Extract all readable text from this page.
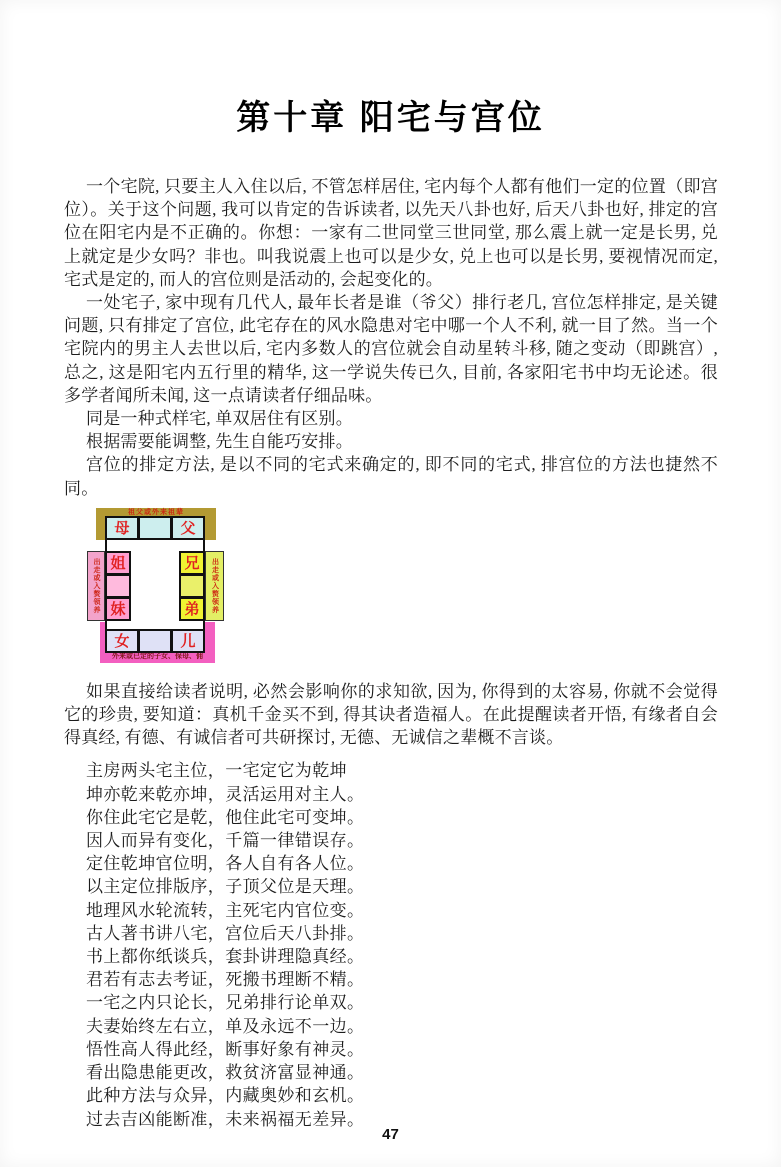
第十章 阳宅与宫位

一个宅院, 只要主人入住以后, 不管怎样居住, 宅内每个人都有他们一定的位置（即宫位）。关于这个问题, 我可以肯定的告诉读者, 以先天八卦也好, 后天八卦也好, 排定的宫位在阳宅内是不正确的。你想：一家有二世同堂三世同堂, 那么震上就一定是长男, 兑上就定是少女吗？非也。叫我说震上也可以是少女, 兑上也可以是长男, 要视情况而定, 宅式是定的, 而人的宫位则是活动的, 会起变化的。

一处宅子, 家中现有几代人, 最年长者是谁（爷父）排行老几, 宫位怎样排定, 是关键问题, 只有排定了宫位, 此宅存在的风水隐患对宅中哪一个人不利, 就一目了然。当一个宅院内的男主人去世以后, 宅内多数人的宫位就会自动星转斗移, 随之变动（即跳宫）, 总之, 这是阳宅内五行里的精华, 这一学说失传已久, 目前, 各家阳宅书中均无论述。很多学者闻所未闻, 这一点请读者仔细品味。

同是一种式样宅, 单双居住有区别。

根据需要能调整, 先生自能巧安排。

宫位的排定方法, 是以不同的宅式来确定的, 即不同的宅式, 排宫位的方法也捷然不同。

祖父或外来祖辈
外来或已定的子女、保母、佣
出走或入赘领养	出走或入赘领养
母	父
姐
妹
兄
弟
女	儿

如果直接给读者说明, 必然会影响你的求知欲, 因为, 你得到的太容易, 你就不会觉得它的珍贵, 要知道：真机千金买不到, 得其诀者造福人。在此提醒读者开悟, 有缘者自会得真经, 有德、有诚信者可共研探讨, 无德、无诚信之辈概不言谈。

主房两头宅主位，一宅定它为乾坤
坤亦乾来乾亦坤，灵活运用对主人。
你住此宅它是乾，他住此宅可变坤。
因人而异有变化，千篇一律错误存。
定住乾坤官位明，各人自有各人位。
以主定位排版序，子顶父位是天理。
地理风水轮流转，主死宅内官位变。
古人著书讲八宅，宫位后天八卦排。
书上都你纸谈兵，套卦讲理隐真经。
君若有志去考证，死搬书理断不精。
一宅之内只论长，兄弟排行论单双。
夫妻始终左右立，单及永远不一边。
悟性高人得此经，断事好象有神灵。
看出隐患能更改，救贫济富显神通。
此种方法与众异，内藏奥妙和玄机。
过去吉凶能断准，未来祸福无差异。
47
